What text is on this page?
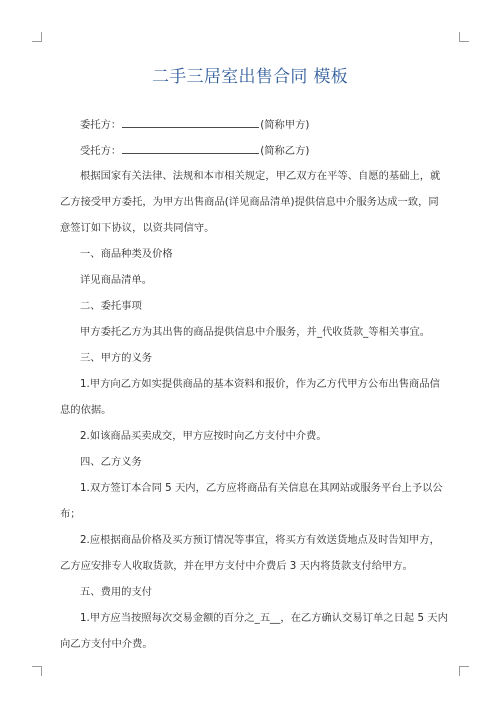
二手三居室出售合同 模板
委托方：	(简称甲方)
受托方：	(简称乙方)
根据国家有关法律、法规和本市相关规定，甲乙双方在平等、自愿的基础上，就
乙方接受甲方委托，为甲方出售商品(详见商品清单)提供信息中介服务达成一致，同
意签订如下协议，以资共同信守。
一、商品种类及价格
详见商品清单。
二、委托事项
甲方委托乙方为其出售的商品提供信息中介服务，并_代收货款_等相关事宜。
三、甲方的义务
1.甲方向乙方如实提供商品的基本资料和报价，作为乙方代甲方公布出售商品信
息的依据。
2.如该商品买卖成交，甲方应按时向乙方支付中介费。
四、乙方义务
1.双方签订本合同 5 天内，乙方应将商品有关信息在其网站或服务平台上予以公
布；
2.应根据商品价格及买方预订情况等事宜，将买方有效送货地点及时告知甲方，
乙方应安排专人收取货款，并在甲方支付中介费后 3 天内将货款支付给甲方。
五、费用的支付
1.甲方应当按照每次交易金额的百分之_五__，在乙方确认交易订单之日起 5 天内
向乙方支付中介费。
